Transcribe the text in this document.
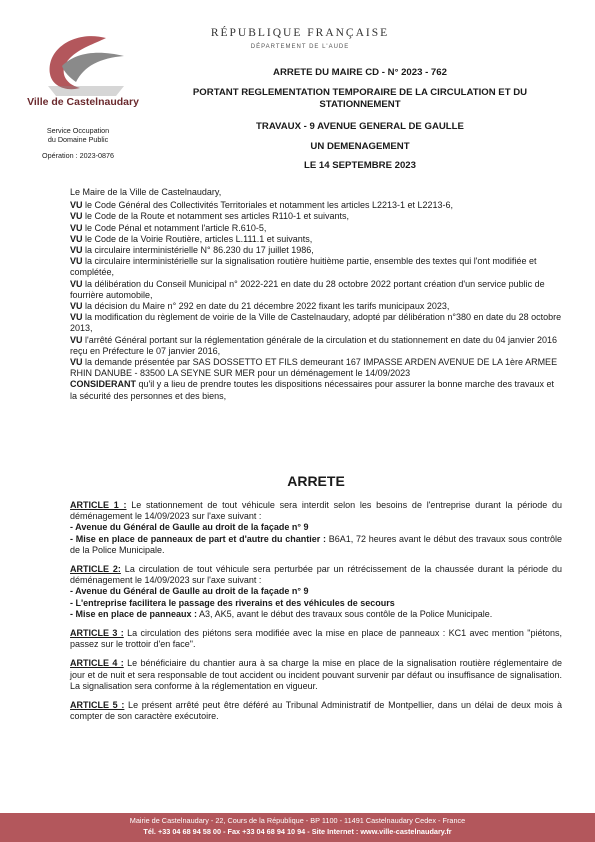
Ville de Castelnaudary
RÉPUBLIQUE FRANÇAISE
DÉPARTEMENT DE L'AUDE
ARRETE DU MAIRE CD - N° 2023 - 762
PORTANT REGLEMENTATION TEMPORAIRE DE LA CIRCULATION ET DU
STATIONNEMENT
TRAVAUX - 9 AVENUE GENERAL DE GAULLE
UN DEMENAGEMENT
LE 14 SEPTEMBRE 2023
Service Occupation
du Domaine Public
Opération : 2023-0876

Le Maire de la Ville de Castelnaudary,

VU le Code Général des Collectivités Territoriales et notamment les articles L2213-1 et L2213-6,

VU le Code de la Route et notamment ses articles R110-1 et suivants,

VU le Code Pénal et notamment l'article R.610-5,

VU le Code de la Voirie Routière, articles L.111.1 et suivants,

VU la circulaire interministérielle N° 86.230 du 17 juillet 1986,

VU la circulaire interministérielle sur la signalisation routière huitième partie, ensemble des textes qui l'ont modifiée et complétée,

VU la délibération du Conseil Municipal n° 2022-221 en date du 28 octobre 2022 portant création d'un service public de fourrière automobile,

VU la décision du Maire n° 292 en date du 21 décembre 2022 fixant les tarifs municipaux 2023,

VU la modification du règlement de voirie de la Ville de Castelnaudary, adopté par délibération n°380 en date du 28 octobre 2013,

VU l'arrêté Général portant sur la réglementation générale de la circulation et du stationnement en date du 04 janvier 2016 reçu en Préfecture le 07 janvier 2016,

VU la demande présentée par SAS DOSSETTO ET FILS demeurant 167 IMPASSE ARDEN AVENUE DE LA 1ère ARMEE RHIN DANUBE - 83500 LA SEYNE SUR MER pour un déménagement le 14/09/2023

CONSIDERANT qu'il y a lieu de prendre toutes les dispositions nécessaires pour assurer la bonne marche des travaux et la sécurité des personnes et des biens,

ARRETE

ARTICLE 1 : Le stationnement de tout véhicule sera interdit selon les besoins de l'entreprise durant la période du déménagement le 14/09/2023 sur l'axe suivant :

- Avenue du Général de Gaulle au droit de la façade n° 9

- Mise en place de panneaux de part et d'autre du chantier : B6A1, 72 heures avant le début des travaux sous contrôle de la Police Municipale.

ARTICLE 2: La circulation de tout véhicule sera perturbée par un rétrécissement de la chaussée durant la période du déménagement le 14/09/2023 sur l'axe suivant :

- Avenue du Général de Gaulle au droit de la façade n° 9

- L'entreprise facilitera le passage des riverains et des véhicules de secours

- Mise en place de panneaux : A3, AK5, avant le début des travaux sous contôle de la Police Municipale.

ARTICLE 3 : La circulation des piétons sera modifiée avec la mise en place de panneaux : KC1 avec mention "piétons, passez sur le trottoir d'en face".

ARTICLE 4 : Le bénéficiaire du chantier aura à sa charge la mise en place de la signalisation routière réglementaire de jour et de nuit et sera responsable de tout accident ou incident pouvant survenir par défaut ou insuffisance de signalisation. La signalisation sera conforme à la réglementation en vigueur.

ARTICLE 5 : Le présent arrêté peut être déféré au Tribunal Administratif de Montpellier, dans un délai de deux mois à compter de son caractère exécutoire.

Mairie de Castelnaudary - 22, Cours de la République - BP 1100 - 11491 Castelnaudary Cedex - France
Tél. +33 04 68 94 58 00 - Fax +33 04 68 94 10 94 - Site Internet : www.ville-castelnaudary.fr
